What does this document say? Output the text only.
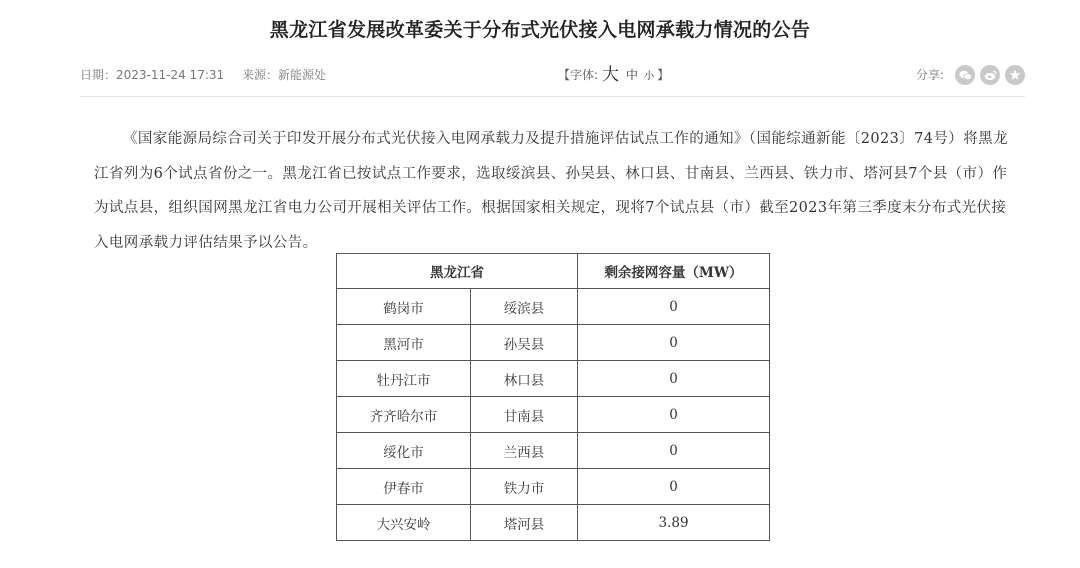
黑龙江省发展改革委关于分布式光伏接入电网承载力情况的公告
日期：2023-11-24 17:31 来源：新能源处	【字体: 大 中 小 】	分享:

《国家能源局综合司关于印发开展分布式光伏接入电网承载力及提升措施评估试点工作的通知》（国能综通新能〔2023〕74号）将黑龙江省列为6个试点省份之一。黑龙江省已按试点工作要求，选取绥滨县、孙吴县、林口县、甘南县、兰西县、铁力市、塔河县7个县（市）作为试点县，组织国网黑龙江省电力公司开展相关评估工作。根据国家相关规定，现将7个试点县（市）截至2023年第三季度末分布式光伏接入电网承载力评估结果予以公告。

黑龙江省		剩余接网容量（MW）
鹤岗市	绥滨县	0
黑河市	孙吴县	0
牡丹江市	林口县	0
齐齐哈尔市	甘南县	0
绥化市	兰西县	0
伊春市	铁力市	0
大兴安岭	塔河县	3.89
